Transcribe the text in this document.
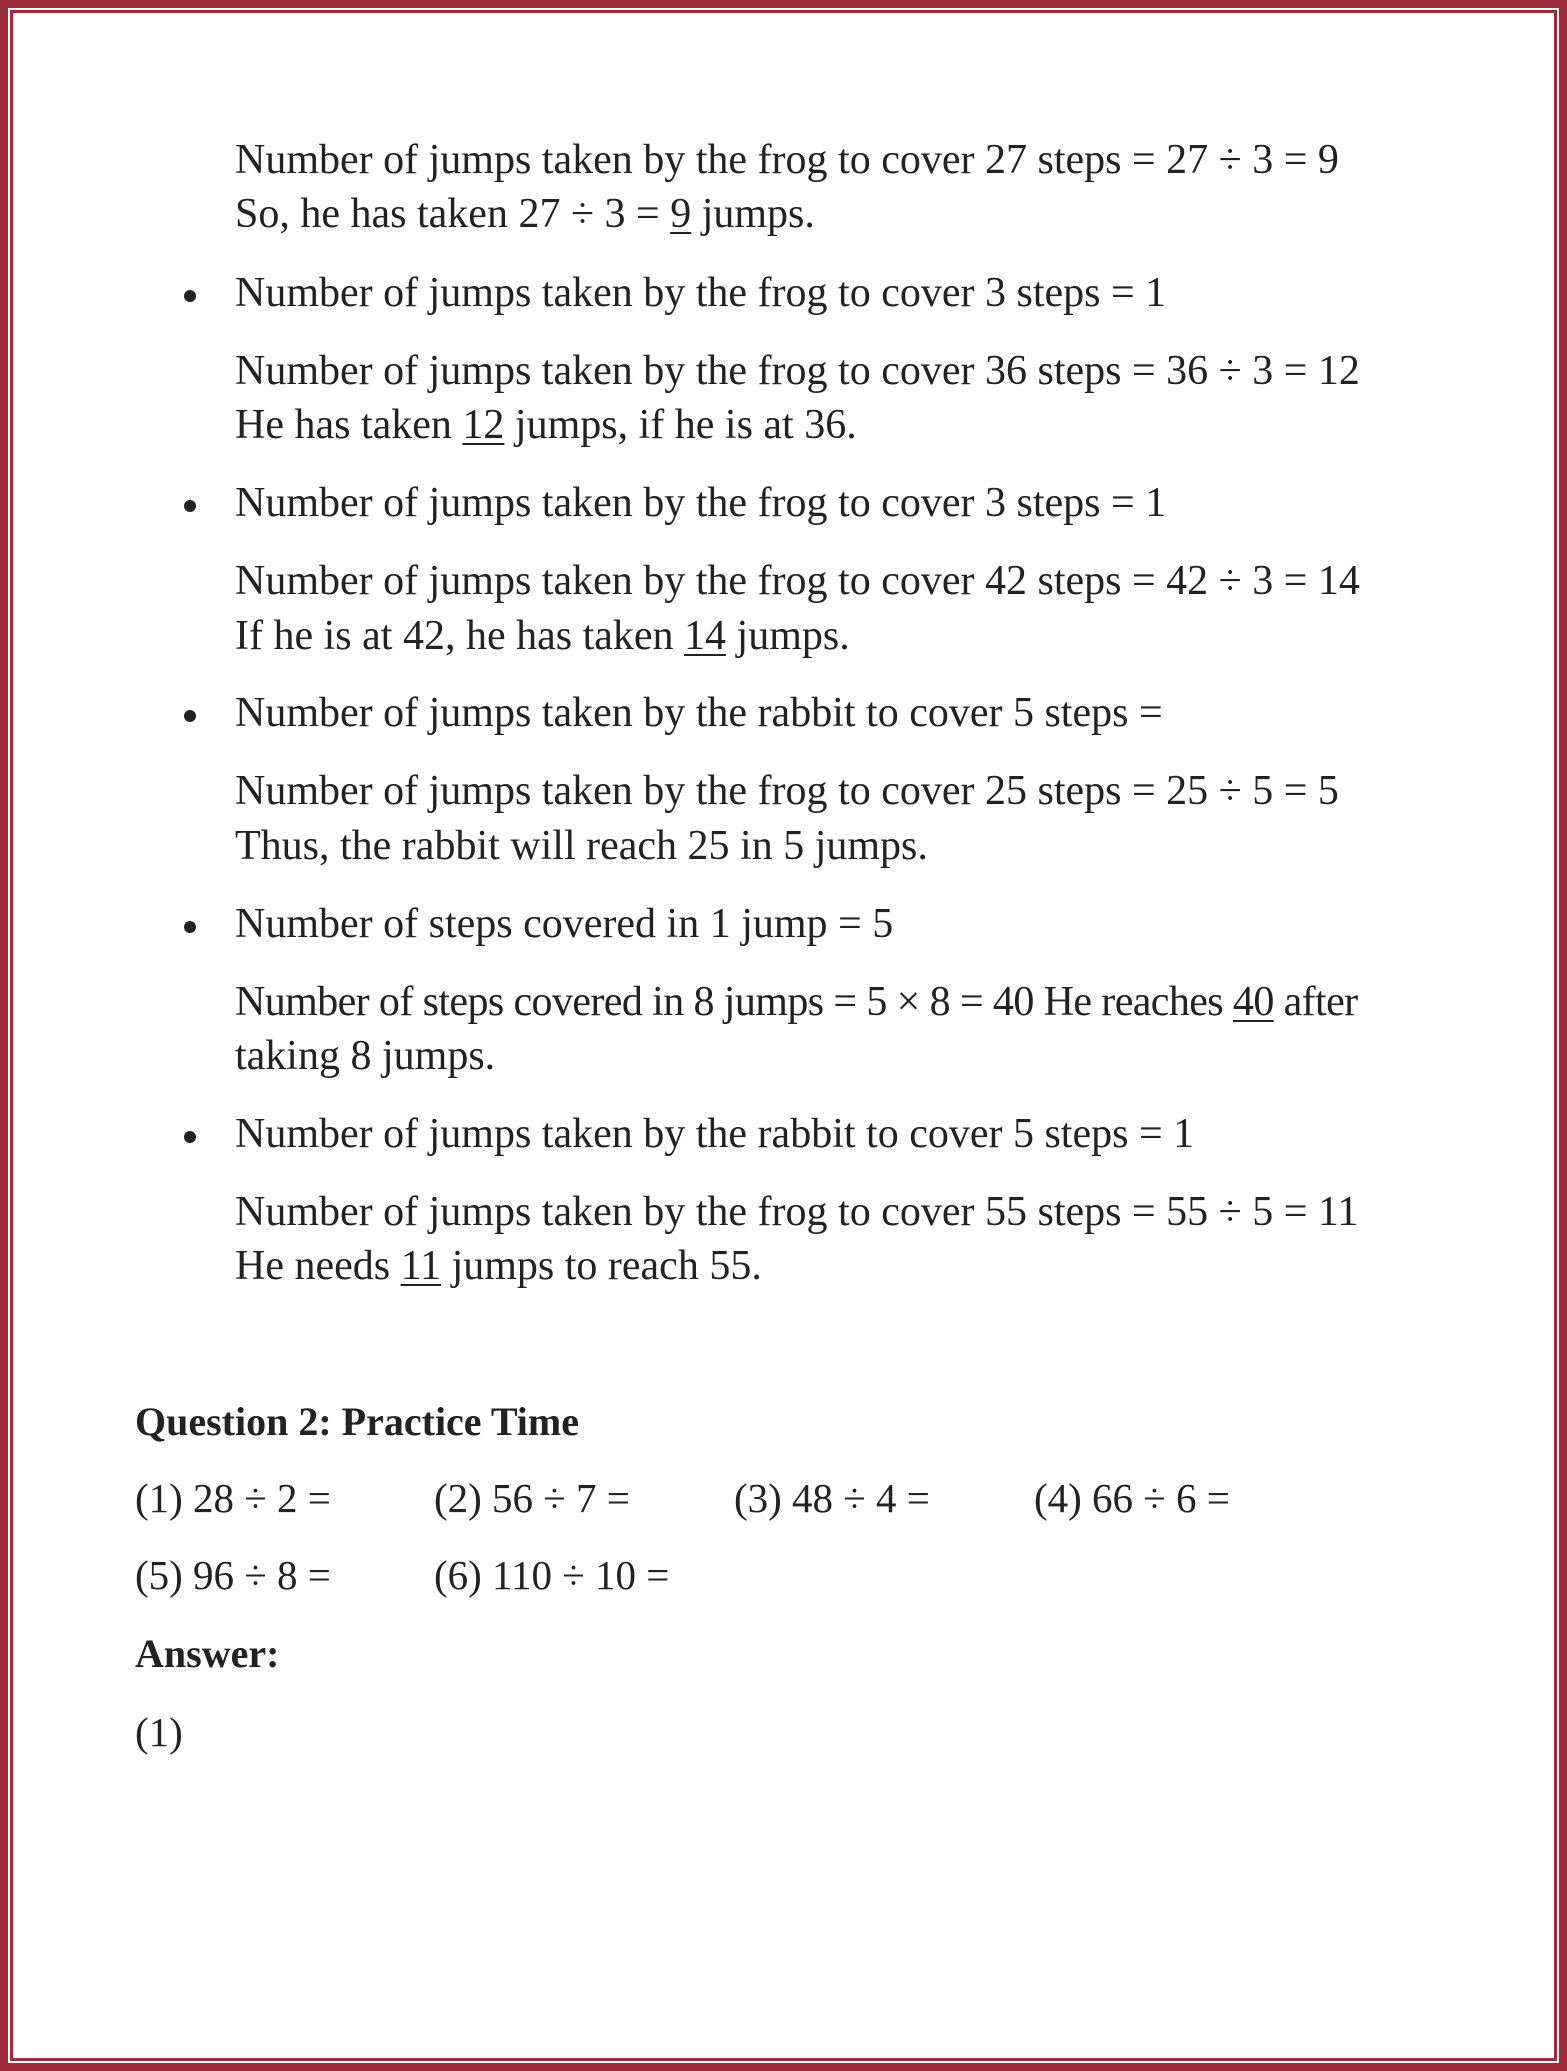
Number of jumps taken by the frog to cover 27 steps = 27 ÷ 3 = 9
So, he has taken 27 ÷ 3 = 9 jumps.
Number of jumps taken by the frog to cover 3 steps = 1
Number of jumps taken by the frog to cover 36 steps = 36 ÷ 3 = 12
He has taken 12 jumps, if he is at 36.
Number of jumps taken by the frog to cover 3 steps = 1
Number of jumps taken by the frog to cover 42 steps = 42 ÷ 3 = 14
If he is at 42, he has taken 14 jumps.
Number of jumps taken by the rabbit to cover 5 steps =
Number of jumps taken by the frog to cover 25 steps = 25 ÷ 5 = 5
Thus, the rabbit will reach 25 in 5 jumps.
Number of steps covered in 1 jump = 5
Number of steps covered in 8 jumps = 5 × 8 = 40 He reaches 40 after
taking 8 jumps.
Number of jumps taken by the rabbit to cover 5 steps = 1
Number of jumps taken by the frog to cover 55 steps = 55 ÷ 5 = 11
He needs 11 jumps to reach 55.
Question 2: Practice Time
(1) 28 ÷ 2 =	(2) 56 ÷ 7 =	(3) 48 ÷ 4 =	(4) 66 ÷ 6 =
(5) 96 ÷ 8 =	(6) 110 ÷ 10 =
Answer:
(1)
